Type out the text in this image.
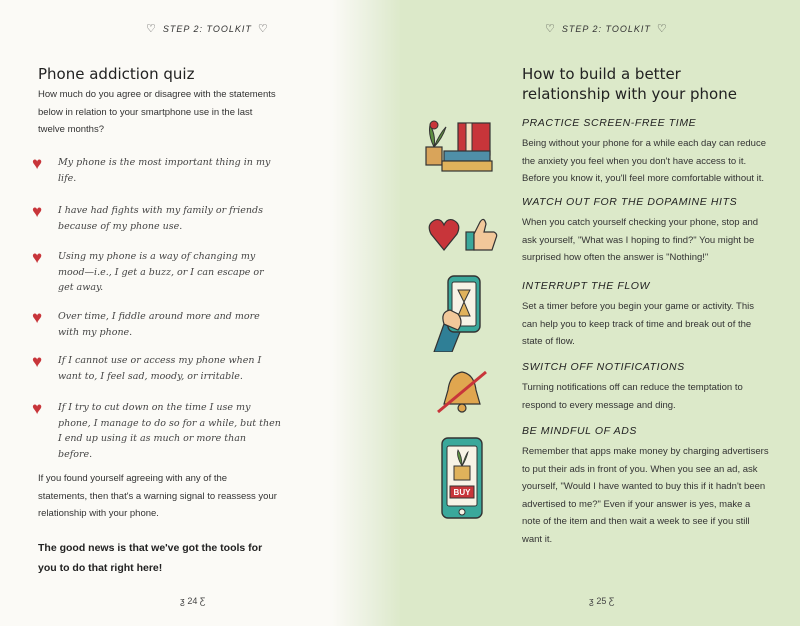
♡ STEP 2: TOOLKIT ♡
Phone addiction quiz
How much do you agree or disagree with the statements below in relation to your smartphone use in the last twelve months?
♥	My phone is the most important thing in my life.
♥	I have had fights with my family or friends because of my phone use.
♥	Using my phone is a way of changing my mood—i.e., I get a buzz, or I can escape or get away.
♥	Over time, I fiddle around more and more with my phone.
♥	If I cannot use or access my phone when I want to, I feel sad, moody, or irritable.
♥	If I try to cut down on the time I use my phone, I manage to do so for a while, but then I end up using it as much or more than before.
If you found yourself agreeing with any of the statements, then that's a warning signal to reassess your relationship with your phone.
The good news is that we've got the tools for you to do that right here!
ƺ 24 Ƹ
♡ STEP 2: TOOLKIT ♡
How to build a better relationship with your phone
PRACTICE SCREEN-FREE TIME
Being without your phone for a while each day can reduce the anxiety you feel when you don't have access to it. Before you know it, you'll feel more comfortable without it.
WATCH OUT FOR THE DOPAMINE HITS
When you catch yourself checking your phone, stop and ask yourself, "What was I hoping to find?" You might be surprised how often the answer is "Nothing!"
INTERRUPT THE FLOW
Set a timer before you begin your game or activity. This can help you to keep track of time and break out of the state of flow.
SWITCH OFF NOTIFICATIONS
Turning notifications off can reduce the temptation to respond to every message and ding.
BE MINDFUL OF ADS
Remember that apps make money by charging advertisers to put their ads in front of you. When you see an ad, ask yourself, "Would I have wanted to buy this if it hadn't been advertised to me?" Even if your answer is yes, make a note of the item and then wait a week to see if you still want it.
BUY
ƺ 25 Ƹ
